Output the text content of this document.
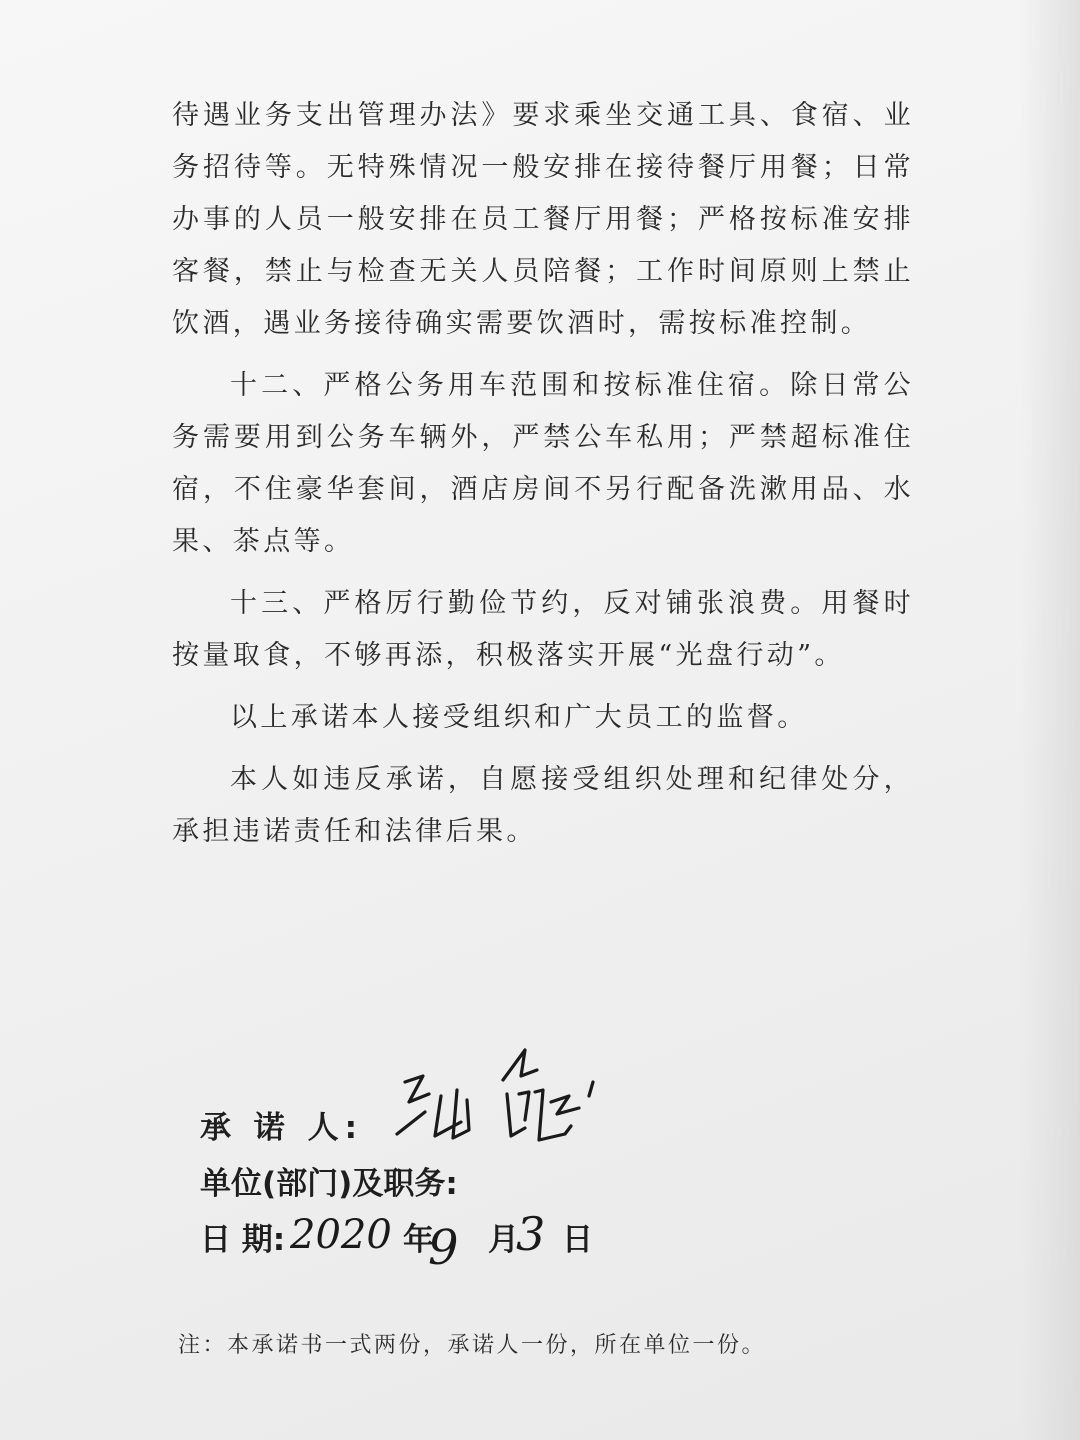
待遇业务支出管理办法》要求乘坐交通工具、食宿、业务招待等。无特殊情况一般安排在接待餐厅用餐；日常办事的人员一般安排在员工餐厅用餐；严格按标准安排客餐，禁止与检查无关人员陪餐；工作时间原则上禁止饮酒，遇业务接待确实需要饮酒时，需按标准控制。

十二、严格公务用车范围和按标准住宿。除日常公务需要用到公务车辆外，严禁公车私用；严禁超标准住宿，不住豪华套间，酒店房间不另行配备洗漱用品、水果、茶点等。

十三、严格厉行勤俭节约，反对铺张浪费。用餐时按量取食，不够再添，积极落实开展“光盘行动”。

以上承诺本人接受组织和广大员工的监督。

本人如违反承诺，自愿接受组织处理和纪律处分，承担违诺责任和法律后果。

承 诺 人:
单位(部门)及职务:
日 期: 2020 9 3
年 月 日
注：本承诺书一式两份，承诺人一份，所在单位一份。
